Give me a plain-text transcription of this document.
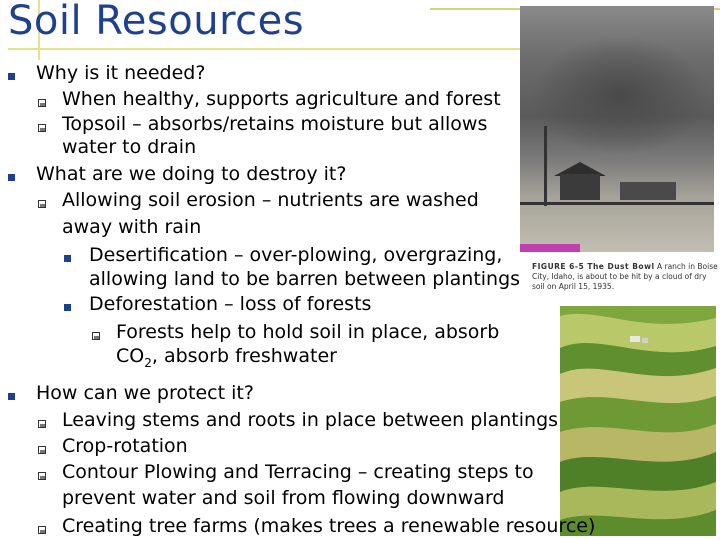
Soil Resources
FIGURE 6-5 The Dust Bowl A ranch in Boise City, Idaho, is about to be hit by a cloud of dry soil on April 15, 1935.
Why is it needed?
When healthy, supports agriculture and forest
Topsoil – absorbs/retains moisture but allows
water to drain
What are we doing to destroy it?
Allowing soil erosion – nutrients are washed
away with rain
Desertification – over-plowing, overgrazing,
allowing land to be barren between plantings
Deforestation – loss of forests
Forests help to hold soil in place, absorb
$CO_2$, absorb freshwater
How can we protect it?
Leaving stems and roots in place between plantings
Crop-rotation
Contour Plowing and Terracing – creating steps to
prevent water and soil from flowing downward
Creating tree farms (makes trees a renewable resource)
